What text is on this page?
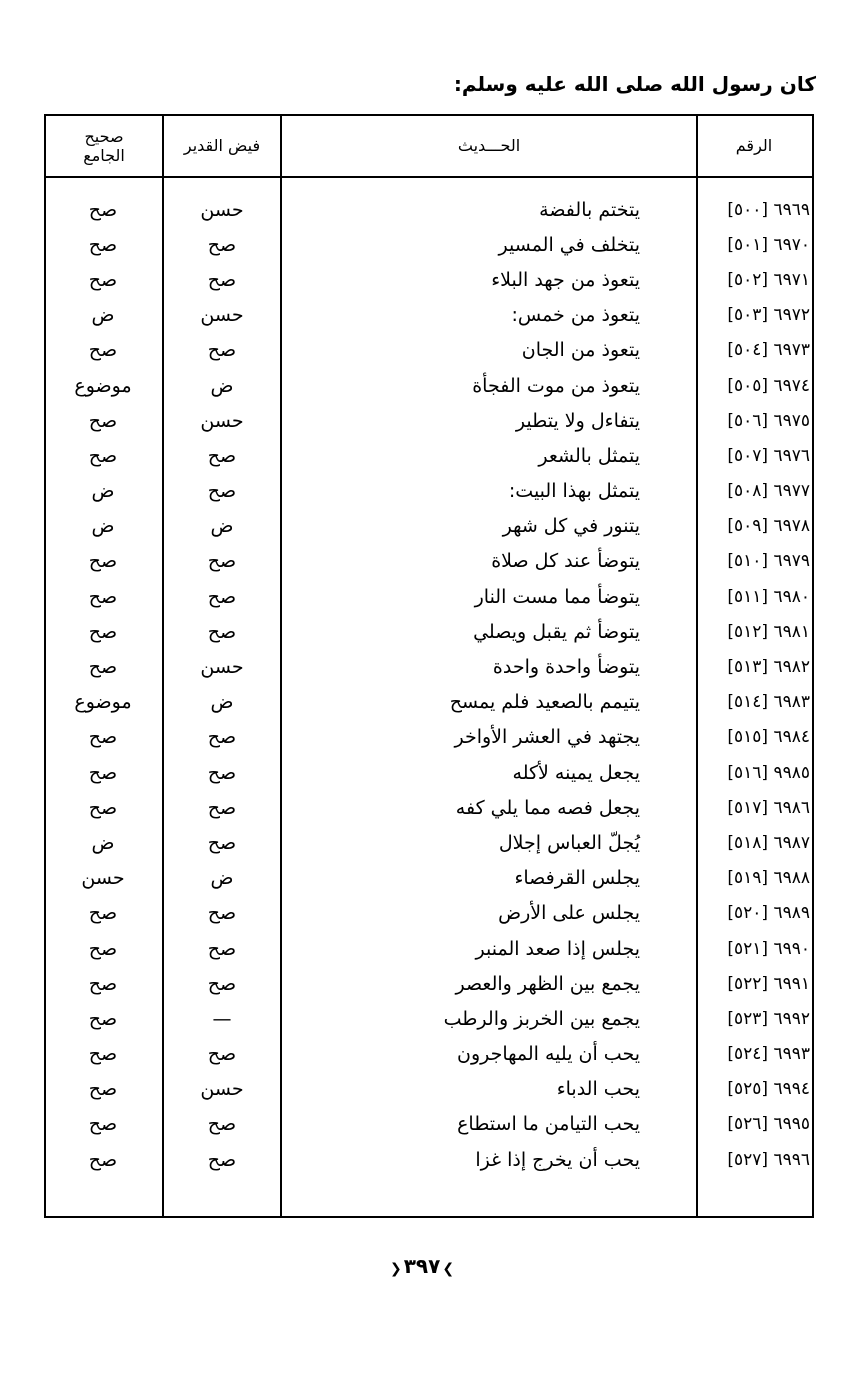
كان رسول الله صلى الله عليه وسلم:
الرقم
الحـــديث
فيض القدير
صحيح
الجامع
٦٩٦٩ [٥٠٠]
يتختم بالفضة
حسن
صح
٦٩٧٠ [٥٠١]
يتخلف في المسير
صح
صح
٦٩٧١ [٥٠٢]
يتعوذ من جهد البلاء
صح
صح
٦٩٧٢ [٥٠٣]
يتعوذ من خمس:
حسن
ض
٦٩٧٣ [٥٠٤]
يتعوذ من الجان
صح
صح
٦٩٧٤ [٥٠٥]
يتعوذ من موت الفجأة
ض
موضوع
٦٩٧٥ [٥٠٦]
يتفاءل ولا يتطير
حسن
صح
٦٩٧٦ [٥٠٧]
يتمثل بالشعر
صح
صح
٦٩٧٧ [٥٠٨]
يتمثل بهذا البيت:
صح
ض
٦٩٧٨ [٥٠٩]
يتنور في كل شهر
ض
ض
٦٩٧٩ [٥١٠]
يتوضأ عند كل صلاة
صح
صح
٦٩٨٠ [٥١١]
يتوضأ مما مست النار
صح
صح
٦٩٨١ [٥١٢]
يتوضأ ثم يقبل ويصلي
صح
صح
٦٩٨٢ [٥١٣]
يتوضأ واحدة واحدة
حسن
صح
٦٩٨٣ [٥١٤]
يتيمم بالصعيد فلم يمسح
ض
موضوع
٦٩٨٤ [٥١٥]
يجتهد في العشر الأواخر
صح
صح
٩٩٨٥ [٥١٦]
يجعل يمينه لأكله
صح
صح
٦٩٨٦ [٥١٧]
يجعل فصه مما يلي كفه
صح
صح
٦٩٨٧ [٥١٨]
يُجلّ العباس إجلال
صح
ض
٦٩٨٨ [٥١٩]
يجلس القرفصاء
ض
حسن
٦٩٨٩ [٥٢٠]
يجلس على الأرض
صح
صح
٦٩٩٠ [٥٢١]
يجلس إذا صعد المنبر
صح
صح
٦٩٩١ [٥٢٢]
يجمع بين الظهر والعصر
صح
صح
٦٩٩٢ [٥٢٣]
يجمع بين الخربز والرطب
—
صح
٦٩٩٣ [٥٢٤]
يحب أن يليه المهاجرون
صح
صح
٦٩٩٤ [٥٢٥]
يحب الدباء
حسن
صح
٦٩٩٥ [٥٢٦]
يحب التيامن ما استطاع
صح
صح
٦٩٩٦ [٥٢٧]
يحب أن يخرج إذا غزا
صح
صح
❯٣٩٧❮
